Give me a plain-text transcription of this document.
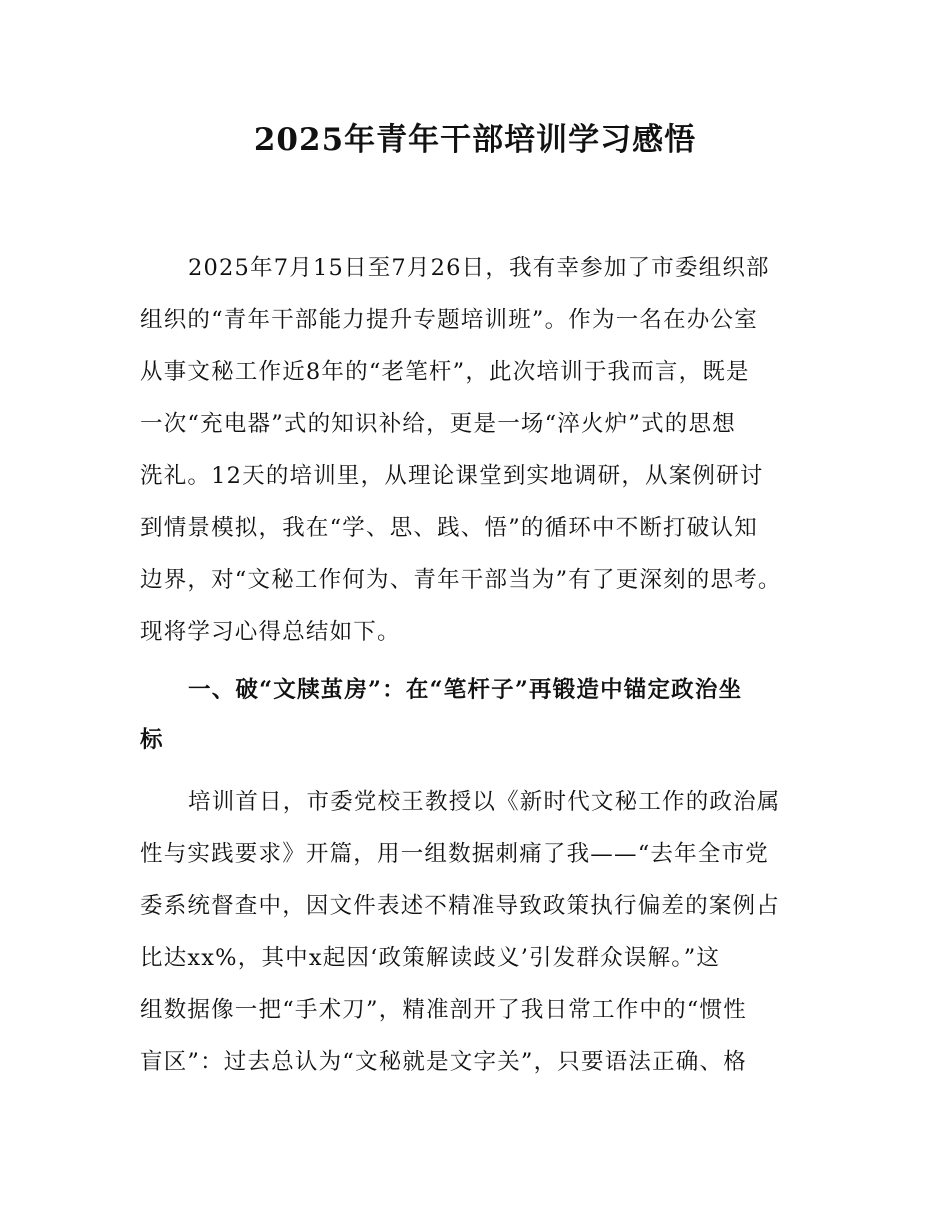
2025年青年干部培训学习感悟

2025年7月15日至7月26日，我有幸参加了市委组织部

组织的“青年干部能力提升专题培训班”。作为一名在办公室

从事文秘工作近8年的“老笔杆”，此次培训于我而言，既是

一次“充电器”式的知识补给，更是一场“淬火炉”式的思想

洗礼。12天的培训里，从理论课堂到实地调研，从案例研讨

到情景模拟，我在“学、思、践、悟”的循环中不断打破认知

边界，对“文秘工作何为、青年干部当为”有了更深刻的思考。

现将学习心得总结如下。

一、破“文牍茧房”：在“笔杆子”再锻造中锚定政治坐

标

培训首日，市委党校王教授以《新时代文秘工作的政治属

性与实践要求》开篇，用一组数据刺痛了我——“去年全市党

委系统督查中，因文件表述不精准导致政策执行偏差的案例占

比达xx%，其中x起因‘政策解读歧义’引发群众误解。”这

组数据像一把“手术刀”，精准剖开了我日常工作中的“惯性

盲区”：过去总认为“文秘就是文字关”，只要语法正确、格
